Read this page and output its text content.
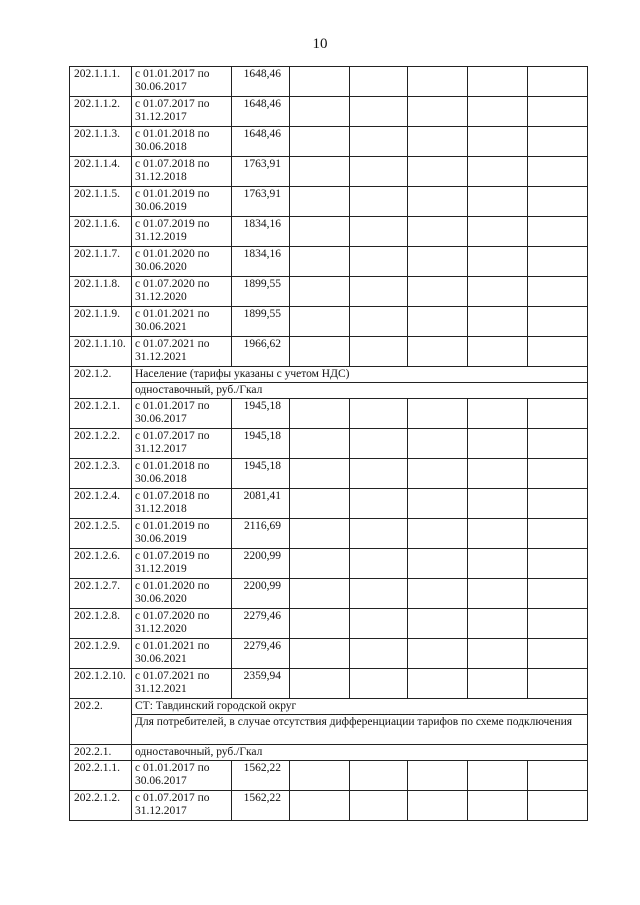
10
202.1.1.1.	с 01.01.2017 по 30.06.2017	1648,46					
202.1.1.2.	с 01.07.2017 по 31.12.2017	1648,46					
202.1.1.3.	с 01.01.2018 по 30.06.2018	1648,46					
202.1.1.4.	с 01.07.2018 по 31.12.2018	1763,91					
202.1.1.5.	с 01.01.2019 по 30.06.2019	1763,91					
202.1.1.6.	с 01.07.2019 по 31.12.2019	1834,16					
202.1.1.7.	с 01.01.2020 по 30.06.2020	1834,16					
202.1.1.8.	с 01.07.2020 по 31.12.2020	1899,55					
202.1.1.9.	с 01.01.2021 по 30.06.2021	1899,55					
202.1.1.10.	с 01.07.2021 по 31.12.2021	1966,62					
202.1.2.	Население (тарифы указаны с учетом НДС)						
	одноставочный, руб./Гкал						
202.1.2.1.	с 01.01.2017 по 30.06.2017	1945,18					
202.1.2.2.	с 01.07.2017 по 31.12.2017	1945,18					
202.1.2.3.	с 01.01.2018 по 30.06.2018	1945,18					
202.1.2.4.	с 01.07.2018 по 31.12.2018	2081,41					
202.1.2.5.	с 01.01.2019 по 30.06.2019	2116,69					
202.1.2.6.	с 01.07.2019 по 31.12.2019	2200,99					
202.1.2.7.	с 01.01.2020 по 30.06.2020	2200,99					
202.1.2.8.	с 01.07.2020 по 31.12.2020	2279,46					
202.1.2.9.	с 01.01.2021 по 30.06.2021	2279,46					
202.1.2.10.	с 01.07.2021 по 31.12.2021	2359,94					
202.2.	СТ: Тавдинский городской округ						
	Для потребителей, в случае отсутствия дифференциации тарифов по схеме подключения						
202.2.1.	одноставочный, руб./Гкал						
202.2.1.1.	с 01.01.2017 по 30.06.2017	1562,22					
202.2.1.2.	с 01.07.2017 по 31.12.2017	1562,22					
